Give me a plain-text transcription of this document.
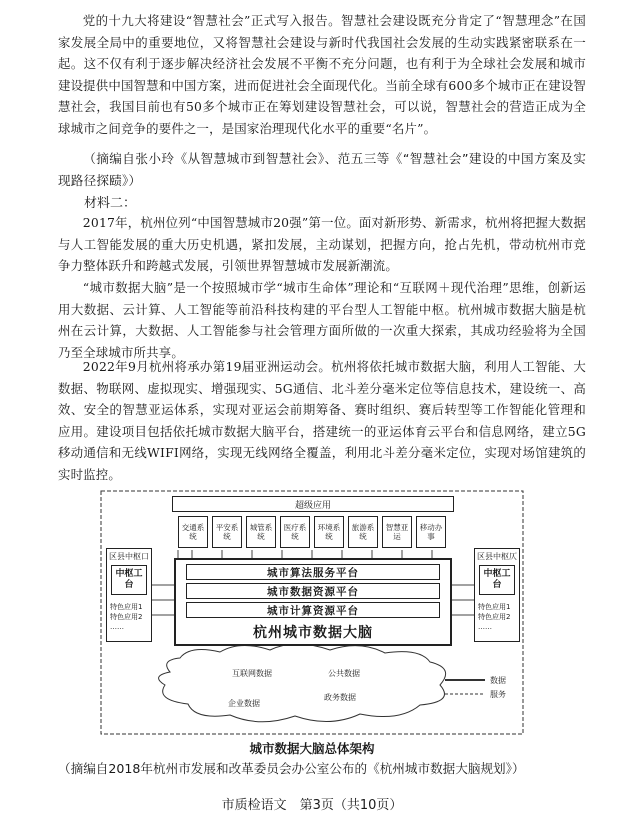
党的十九大将建设“智慧社会”正式写入报告。智慧社会建设既充分肯定了“智慧理念”在国家发展全局中的重要地位，又将智慧社会建设与新时代我国社会发展的生动实践紧密联系在一起。这不仅有利于逐步解决经济社会发展不平衡不充分问题，也有利于为全球社会发展和城市建设提供中国智慧和中国方案，进而促进社会全面现代化。当前全球有600多个城市正在建设智慧社会，我国目前也有50多个城市正在筹划建设智慧社会，可以说，智慧社会的营造正成为全球城市之间竞争的要件之一，是国家治理现代化水平的重要“名片”。
（摘编自张小玲《从智慧城市到智慧社会》、范五三等《“智慧社会”建设的中国方案及实现路径探赜》）
材料二：
2017年，杭州位列“中国智慧城市20强”第一位。面对新形势、新需求，杭州将把握大数据与人工智能发展的重大历史机遇，紧扣发展，主动谋划，把握方向，抢占先机，带动杭州市竞争力整体跃升和跨越式发展，引领世界智慧城市发展新潮流。
“城市数据大脑”是一个按照城市学“城市生命体”理论和“互联网＋现代治理”思维，创新运用大数据、云计算、人工智能等前沿科技构建的平台型人工智能中枢。杭州城市数据大脑是杭州在云计算，大数据、人工智能参与社会管理方面所做的一次重大探索，其成功经验将为全国乃至全球城市所共享。
2022年9月杭州将承办第19届亚洲运动会。杭州将依托城市数据大脑，利用人工智能、大数据、物联网、虚拟现实、增强现实、5G通信、北斗差分毫米定位等信息技术，建设统一、高效、安全的智慧亚运体系，实现对亚运会前期筹备、赛时组织、赛后转型等工作智能化管理和应用。建设项目包括依托城市数据大脑平台，搭建统一的亚运体育云平台和信息网络，建立5G移动通信和无线WIFI网络，实现无线网络全覆盖，利用北斗差分毫米定位，实现对场馆建筑的实时监控。
超级应用
交通系统
平安系统
城管系统
医疗系统
环境系统
旅游系统
智慧亚运
移动办事
区县中枢口
中枢工台
特色应用1
特色应用2
……
区县中枢仄
中枢工台
特色应用1
特色应用2
……
城市算法服务平台
城市数据资源平台
城市计算资源平台
杭州城市数据大脑
互联网数据	公共数据
企业数据
政务数据
数据
服务
城市数据大脑总体架构
（摘编自2018年杭州市发展和改革委员会办公室公布的《杭州城市数据大脑规划》）
市质检语文　第3页（共10页）
